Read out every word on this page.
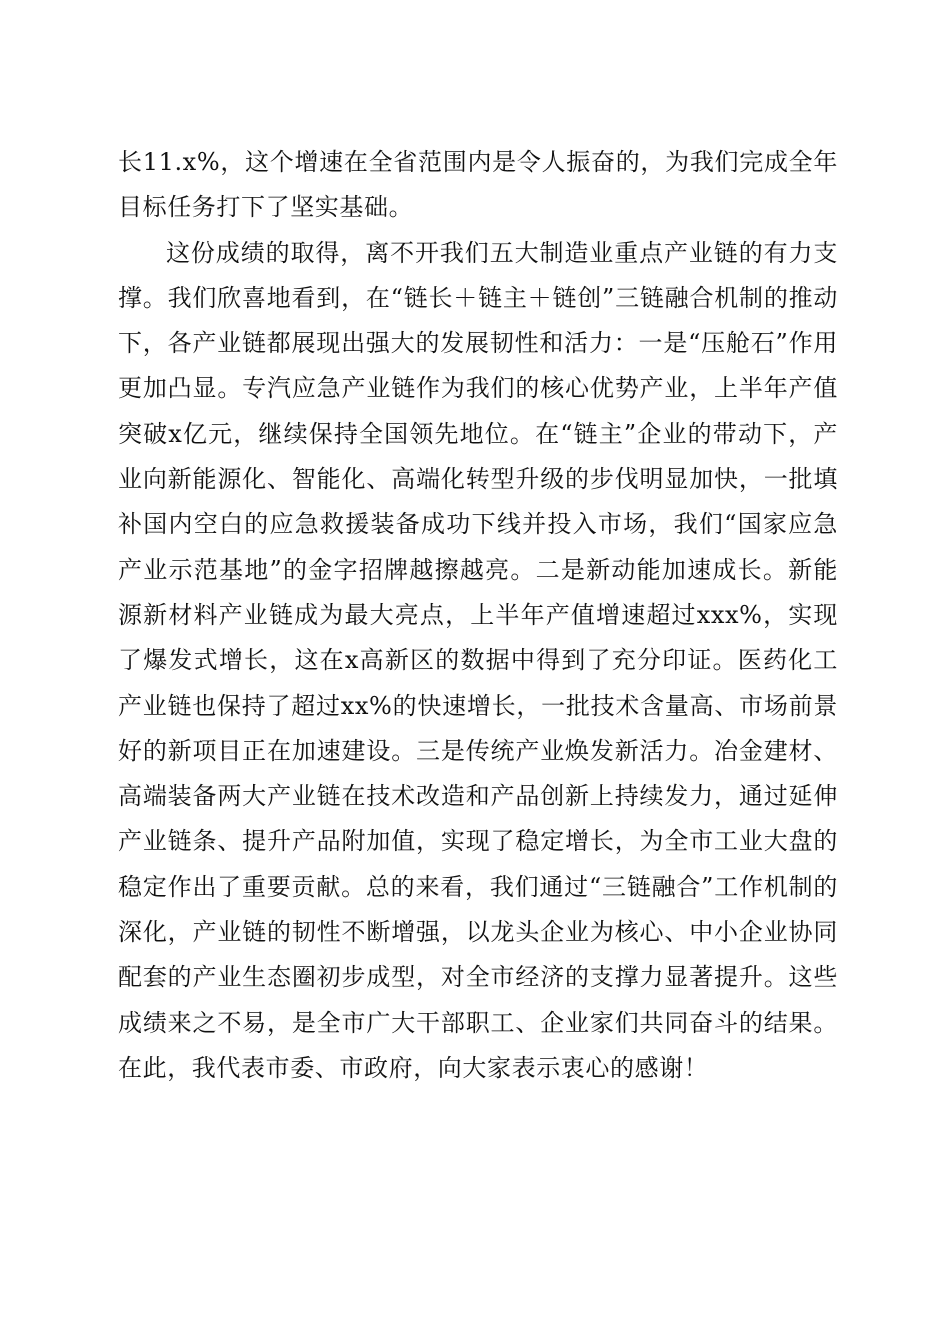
长11.x%，这个增速在全省范围内是令人振奋的，为我们完成全年目标任务打下了坚实基础。

这份成绩的取得，离不开我们五大制造业重点产业链的有力支撑。我们欣喜地看到，在“链长＋链主＋链创”三链融合机制的推动下，各产业链都展现出强大的发展韧性和活力：一是“压舱石”作用更加凸显。专汽应急产业链作为我们的核心优势产业，上半年产值突破x亿元，继续保持全国领先地位。在“链主”企业的带动下，产业向新能源化、智能化、高端化转型升级的步伐明显加快，一批填补国内空白的应急救援装备成功下线并投入市场，我们“国家应急产业示范基地”的金字招牌越擦越亮。二是新动能加速成长。新能源新材料产业链成为最大亮点，上半年产值增速超过xxx%，实现了爆发式增长，这在x高新区的数据中得到了充分印证。医药化工产业链也保持了超过xx%的快速增长，一批技术含量高、市场前景好的新项目正在加速建设。三是传统产业焕发新活力。冶金建材、高端装备两大产业链在技术改造和产品创新上持续发力，通过延伸产业链条、提升产品附加值，实现了稳定增长，为全市工业大盘的稳定作出了重要贡献。总的来看，我们通过“三链融合”工作机制的深化，产业链的韧性不断增强，以龙头企业为核心、中小企业协同配套的产业生态圈初步成型，对全市经济的支撑力显著提升。这些成绩来之不易，是全市广大干部职工、企业家们共同奋斗的结果。在此，我代表市委、市政府，向大家表示衷心的感谢！
